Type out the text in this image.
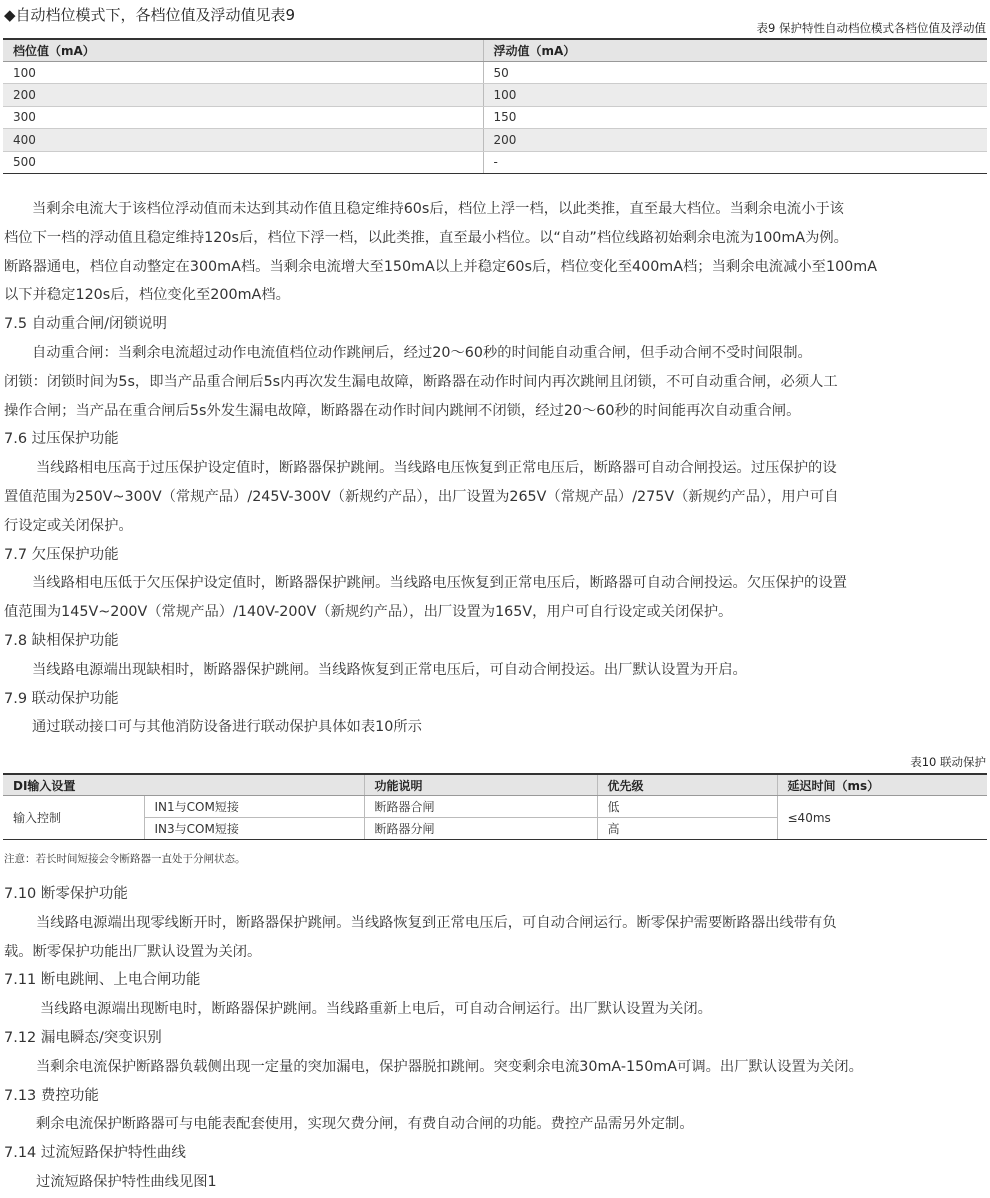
◆自动档位模式下，各档位值及浮动值见表9
表9 保护特性自动档位模式各档位值及浮动值
档位值（mA）	浮动值（mA）
100	50
200	100
300	150
400	200
500	-
当剩余电流大于该档位浮动值而未达到其动作值且稳定维持60s后，档位上浮一档，以此类推，直至最大档位。当剩余电流小于该
档位下一档的浮动值且稳定维持120s后，档位下浮一档，以此类推，直至最小档位。以“自动”档位线路初始剩余电流为100mA为例。
断路器通电，档位自动整定在300mA档。当剩余电流增大至150mA以上并稳定60s后，档位变化至400mA档；当剩余电流减小至100mA
以下并稳定120s后，档位变化至200mA档。
7.5 自动重合闸/闭锁说明
自动重合闸：当剩余电流超过动作电流值档位动作跳闸后，经过20～60秒的时间能自动重合闸，但手动合闸不受时间限制。
闭锁：闭锁时间为5s，即当产品重合闸后5s内再次发生漏电故障，断路器在动作时间内再次跳闸且闭锁，不可自动重合闸，必须人工
操作合闸；当产品在重合闸后5s外发生漏电故障，断路器在动作时间内跳闸不闭锁，经过20～60秒的时间能再次自动重合闸。
7.6 过压保护功能
当线路相电压高于过压保护设定值时，断路器保护跳闸。当线路电压恢复到正常电压后，断路器可自动合闸投运。过压保护的设
置值范围为250V~300V（常规产品）/245V-300V（新规约产品），出厂设置为265V（常规产品）/275V（新规约产品），用户可自
行设定或关闭保护。
7.7 欠压保护功能
当线路相电压低于欠压保护设定值时，断路器保护跳闸。当线路电压恢复到正常电压后，断路器可自动合闸投运。欠压保护的设置
值范围为145V~200V（常规产品）/140V-200V（新规约产品），出厂设置为165V，用户可自行设定或关闭保护。
7.8 缺相保护功能
当线路电源端出现缺相时，断路器保护跳闸。当线路恢复到正常电压后，可自动合闸投运。出厂默认设置为开启。
7.9 联动保护功能
通过联动接口可与其他消防设备进行联动保护具体如表10所示
表10 联动保护
DI输入设置		功能说明	优先级	延迟时间（ms）
输入控制	IN1与COM短接	断路器合闸	低	≤40ms
	IN3与COM短接	断路器分闸	高	
注意：若长时间短接会令断路器一直处于分闸状态。
7.10 断零保护功能
当线路电源端出现零线断开时，断路器保护跳闸。当线路恢复到正常电压后，可自动合闸运行。断零保护需要断路器出线带有负
载。断零保护功能出厂默认设置为关闭。
7.11 断电跳闸、上电合闸功能
当线路电源端出现断电时，断路器保护跳闸。当线路重新上电后，可自动合闸运行。出厂默认设置为关闭。
7.12 漏电瞬态/突变识别
当剩余电流保护断路器负载侧出现一定量的突加漏电，保护器脱扣跳闸。突变剩余电流30mA-150mA可调。出厂默认设置为关闭。
7.13 费控功能
剩余电流保护断路器可与电能表配套使用，实现欠费分闸，有费自动合闸的功能。费控产品需另外定制。
7.14 过流短路保护特性曲线
过流短路保护特性曲线见图1
